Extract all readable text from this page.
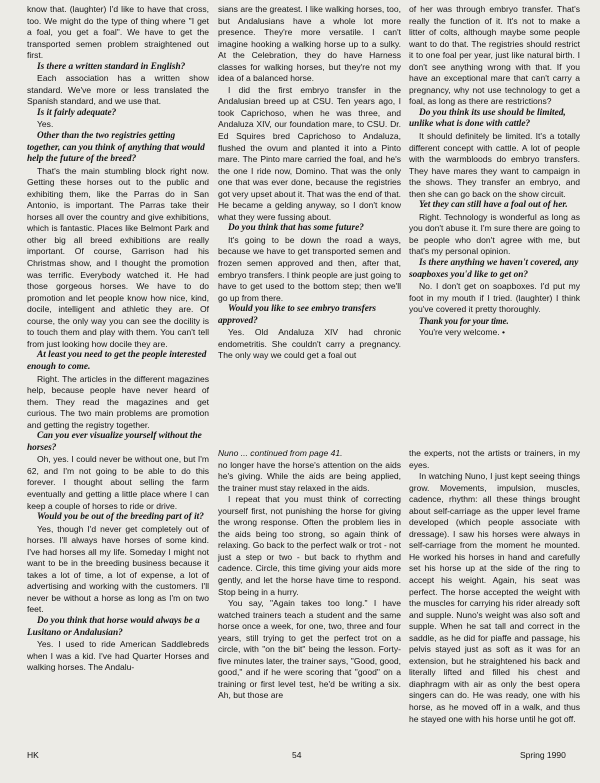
know that. (laughter) I'd like to have that cross, too. We might do the type of thing where "I get a foal, you get a foal". We have to get the transported semen problem straightened out first.

Is there a written standard in English?

Each association has a written show standard. We've more or less translated the Spanish standard, and we use that.

Is it fairly adequate?

Yes.

Other than the two registries getting together, can you think of anything that would help the future of the breed?

That's the main stumbling block right now. Getting these horses out to the public and exhibiting them, like the Parras do in San Antonio, is important. The Parras take their horses all over the country and give exhibitions, which is fantastic. Places like Belmont Park and other big all breed exhibitions are really important. Of course, Garrison had his Christmas show, and I thought the promotion was terrific. Everybody watched it. He had those gorgeous horses. We have to do promotion and let people know how nice, kind, docile, intelligent and athletic they are. Of course, the only way you can see the docility is to touch them and play with them. You can't tell from just looking how docile they are.

At least you need to get the people interested enough to come.

Right. The articles in the different magazines help, because people have never heard of them. They read the magazines and get curious. The two main problems are promotion and getting the registry together.

Can you ever visualize yourself without the horses?

Oh, yes. I could never be without one, but I'm 62, and I'm not going to be able to do this forever. I thought about selling the farm eventually and getting a little place where I can keep a couple of horses to ride or drive.

Would you be out of the breeding part of it?

Yes, though I'd never get completely out of horses. I'll always have horses of some kind. I've had horses all my life. Someday I might not want to be in the breeding business because it takes a lot of time, a lot of expense, a lot of advertising and working with the customers. I'll never be without a horse as long as I'm on two feet.

Do you think that horse would always be a Lusitano or Andalusian?

Yes. I used to ride American Saddlebreds when I was a kid. I've had Quarter Horses and walking horses. The Andalu-

sians are the greatest. I like walking horses, too, but Andalusians have a whole lot more presence. They're more versatile. I can't imagine hooking a walking horse up to a sulky. At the Celebration, they do have Harness classes for walking horses, but they're not my idea of a balanced horse.

I did the first embryo transfer in the Andalusian breed up at CSU. Ten years ago, I took Caprichoso, when he was three, and Andaluza XIV, our foundation mare, to CSU. Dr. Ed Squires bred Caprichoso to Andaluza, flushed the ovum and planted it into a Pinto mare. The Pinto mare carried the foal, and he's the one I ride now, Domino. That was the only one that was ever done, because the registries got very upset about it. That was the end of that. He became a gelding anyway, so I don't know what they were fussing about.

Do you think that has some future?

It's going to be down the road a ways, because we have to get transported semen and frozen semen approved and then, after that, embryo transfers. I think people are just going to have to get used to the bottom step; then we'll go up from there.

Would you like to see embryo transfers approved?

Yes. Old Andaluza XIV had chronic endometritis. She couldn't carry a pregnancy. The only way we could get a foal out

of her was through embryo transfer. That's really the function of it. It's not to make a litter of colts, although maybe some people want to do that. The registries should restrict it to one foal per year, just like natural birth. I don't see anything wrong with that. If you have an exceptional mare that can't carry a pregnancy, why not use technology to get a foal, as long as there are restrictions?

Do you think its use should be limited, unlike what is done with cattle?

It should definitely be limited. It's a totally different concept with cattle. A lot of people with the warmbloods do embryo transfers. They have mares they want to campaign in the shows. They transfer an embryo, and then she can go back on the show circuit.

Yet they can still have a foal out of her.

Right. Technology is wonderful as long as you don't abuse it. I'm sure there are going to be people who don't agree with me, but that's my personal opinion.

Is there anything we haven't covered, any soapboxes you'd like to get on?

No. I don't get on soapboxes. I'd put my foot in my mouth if I tried. (laughter) I think you've covered it pretty thoroughly.

Thank you for your time.

You're very welcome. •

Nuno ... continued from page 41.

no longer have the horse's attention on the aids he's giving. While the aids are being applied, the trainer must stay relaxed in the aids.

I repeat that you must think of correcting yourself first, not punishing the horse for giving the wrong response. Often the problem lies in the aids being too strong, so again think of relaxing. Go back to the perfect walk or trot - not just a step or two - but back to rhythm and cadence. Circle, this time giving your aids more gently, and let the horse have time to respond. Stop being in a hurry.

You say, "Again takes too long." I have watched trainers teach a student and the same horse once a week, for one, two, three and four years, still trying to get the perfect trot on a circle, with "on the bit" being the lesson. Forty-five minutes later, the trainer says, "Good, good, good," and if he were scoring that "good" on a training or first level test, he'd be writing a six. Ah, but those are

the experts, not the artists or trainers, in my eyes.

In watching Nuno, I just kept seeing things grow. Movements, impulsion, muscles, cadence, rhythm: all these things brought about self-carriage as the upper level frame developed (which people associate with dressage). I saw his horses were always in self-carriage from the moment he mounted. He worked his horses in hand and carefully set his horse up at the side of the ring to accept his weight. Again, his seat was perfect. The horse accepted the weight with the muscles for carrying his rider already soft and supple. Nuno's weight was also soft and supple. When he sat tall and correct in the saddle, as he did for piaffe and passage, his pelvis stayed just as soft as it was for an extension, but he straightened his back and literally lifted and filled his chest and diaphragm with air as only the best opera singers can do. He was ready, one with his horse, as he moved off in a walk, and thus he stayed one with his horse until he got off.

HK	54	Spring 1990
